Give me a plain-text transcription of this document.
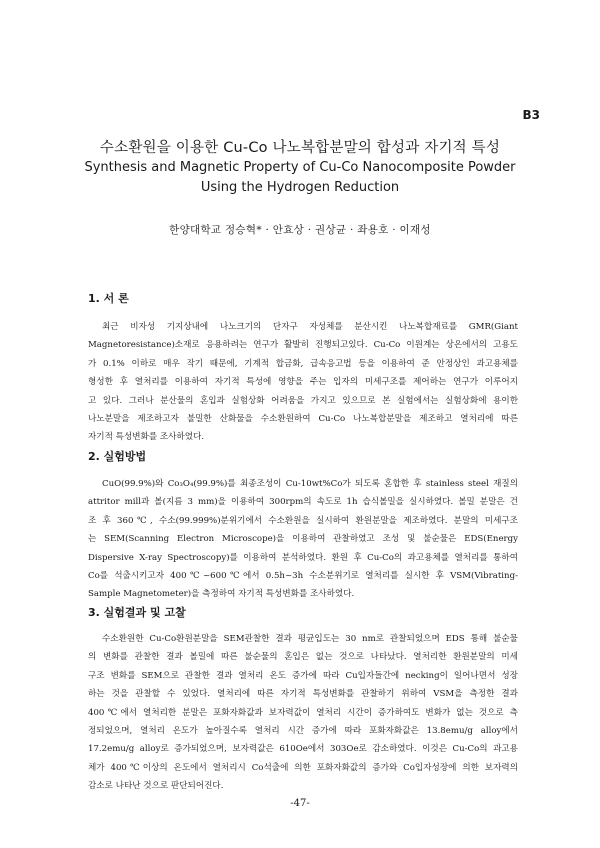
B3
수소환원을 이용한 Cu-Co 나노복합분말의 합성과 자기적 특성
Synthesis and Magnetic Property of Cu-Co Nanocomposite Powder
Using the Hydrogen Reduction
한양대학교 정승혁* · 안효상 · 권상균 · 좌용호 · 이재성
1. 서 론
최근 비자성 기지상내에 나노크기의 단자구 자성체를 분산시킨 나노복합재료를 GMR(Giant
Magnetoresistance)소재로 응용하려는 연구가 활발히 진행되고있다. Cu-Co 이원계는 상온에서의 고용도
가 0.1% 이하로 매우 작기 때문에, 기계적 합금화, 급속응고법 등을 이용하여 준 안정상인 과고용체를
형성한 후 열처리를 이용하여 자기적 특성에 영향을 주는 입자의 미세구조를 제어하는 연구가 이루어지
고 있다. 그러나 분산물의 혼입과 실험상화 어려움을 가지고 있으므로 본 실험에서는 실험상화에 용이한
나노분말을 제조하고자 불밀한 산화물을 수소환원하여 Cu-Co 나노복합분말을 제조하고 열처리에 따른
자기적 특성변화를 조사하였다.
2. 실험방법
CuO(99.9%)와 Co₃O₄(99.9%)를 최종조성이 Cu-10wt%Co가 되도록 혼합한 후 stainless steel 재질의
attritor mill과 볼(지름 3 mm)을 이용하여 300rpm의 속도로 1h 습식볼밀을 실시하였다. 볼밀 분말은 건
조 후 360℃, 수소(99.999%)분위기에서 수소환원을 실시하여 환원분말을 제조하였다. 분말의 미세구조
는 SEM(Scanning Electron Microscope)을 이용하여 관찰하였고 조성 및 불순물은 EDS(Energy
Dispersive X-ray Spectroscopy)를 이용하여 분석하였다. 환원 후 Cu-Co의 과고용체를 열처리를 통하여
Co를 석출시키고자 400℃~600℃에서 0.5h~3h 수소분위기로 열처리를 실시한 후 VSM(Vibrating-
Sample Magnetometer)을 측정하여 자기적 특성변화를 조사하였다.
3. 실험결과 및 고찰
수소환원한 Cu-Co환원분말을 SEM관찰한 결과 평균입도는 30 nm로 관찰되었으며 EDS 통해 불순물
의 변화를 관찰한 결과 볼밀에 따른 불순물의 혼입은 없는 것으로 나타났다. 열처리한 환원분말의 미세
구조 변화를 SEM으로 관찰한 결과 열처리 온도 증가에 따라 Cu입자들간에 necking이 일어나면서 성장
하는 것을 관찰할 수 있었다. 열처리에 따른 자기적 특성변화를 관찰하기 위하여 VSM을 측정한 결과
400℃에서 열처리한 분말은 포화자화값과 보자력값이 열처리 시간이 증가하여도 변화가 없는 것으로 측
정되었으며, 열처리 온도가 높아질수록 열처리 시간 증가에 따라 포화자화값은 13.8emu/g alloy에서
17.2emu/g alloy로 증가되었으며, 보자력값은 610Oe에서 303Oe로 감소하였다. 이것은 Cu-Co의 과고용
체가 400℃이상의 온도에서 열처리시 Co석출에 의한 포화자화값의 증가와 Co입자성장에 의한 보자력의
감소로 나타난 것으로 판단되어진다.
-47-
